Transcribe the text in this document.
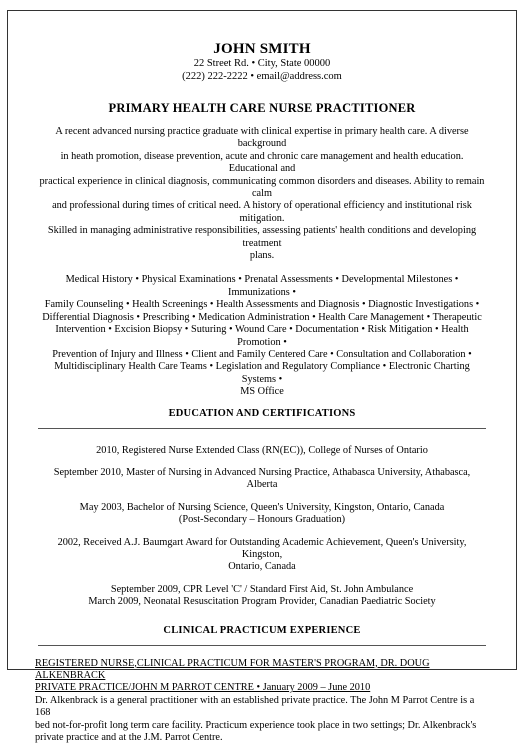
JOHN SMITH
22 Street Rd. • City, State 00000
(222) 222-2222 • email@address.com
PRIMARY HEALTH CARE NURSE PRACTITIONER
A recent advanced nursing practice graduate with clinical expertise in primary health care. A diverse background
in heath promotion, disease prevention, acute and chronic care management and health education. Educational and
practical experience in clinical diagnosis, communicating common disorders and diseases. Ability to remain calm
and professional during times of critical need. A history of operational efficiency and institutional risk mitigation.
Skilled in managing administrative responsibilities, assessing patients' health conditions and developing treatment
plans.
Medical History • Physical Examinations • Prenatal Assessments • Developmental Milestones • Immunizations •
Family Counseling • Health Screenings • Health Assessments and Diagnosis • Diagnostic Investigations •
Differential Diagnosis • Prescribing • Medication Administration • Health Care Management • Therapeutic
Intervention • Excision Biopsy • Suturing • Wound Care • Documentation • Risk Mitigation • Health Promotion •
Prevention of Injury and Illness • Client and Family Centered Care • Consultation and Collaboration •
Multidisciplinary Health Care Teams • Legislation and Regulatory Compliance • Electronic Charting Systems •
MS Office
EDUCATION AND CERTIFICATIONS
2010, Registered Nurse Extended Class (RN(EC)), College of Nurses of Ontario
September 2010, Master of Nursing in Advanced Nursing Practice, Athabasca University, Athabasca, Alberta
May 2003, Bachelor of Nursing Science, Queen's University, Kingston, Ontario, Canada
(Post-Secondary – Honours Graduation)
2002, Received A.J. Baumgart Award for Outstanding Academic Achievement, Queen's University, Kingston,
Ontario, Canada
September 2009, CPR Level 'C' / Standard First Aid, St. John Ambulance
March 2009, Neonatal Resuscitation Program Provider, Canadian Paediatric Society
CLINICAL PRACTICUM EXPERIENCE
REGISTERED NURSE,CLINICAL PRACTICUM FOR MASTER'S PROGRAM, DR. DOUG ALKENBRACK
PRIVATE PRACTICE/JOHN M PARROT CENTRE • January 2009 – June 2010
Dr. Alkenbrack is a general practitioner with an established private practice. The John M Parrot Centre is a 168
bed not-for-profit long term care facility. Practicum experience took place in two settings; Dr. Alkenbrack's
private practice and at the J.M. Parrot Centre.
